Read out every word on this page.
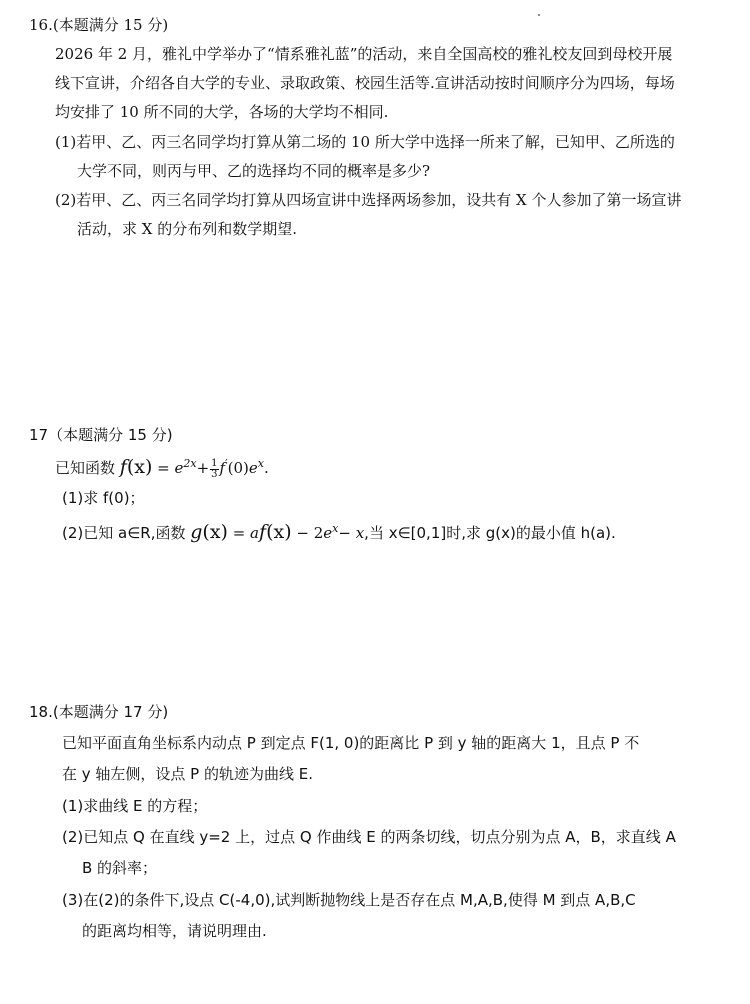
16.(本题满分 15 分)
2026 年 2 月，雅礼中学举办了“情系雅礼蓝”的活动，来自全国高校的雅礼校友回到母校开展
线下宣讲，介绍各自大学的专业、录取政策、校园生活等.宣讲活动按时间顺序分为四场，每场
均安排了 10 所不同的大学，各场的大学均不相同.
(1)若甲、乙、丙三名同学均打算从第二场的 10 所大学中选择一所来了解，已知甲、乙所选的
大学不同，则丙与甲、乙的选择均不同的概率是多少?
(2)若甲、乙、丙三名同学均打算从四场宣讲中选择两场参加，设共有 X 个人参加了第一场宣讲
活动，求 X 的分布列和数学期望.
17（本题满分 15 分)
已知函数 $f(x) = e^{2x}+ \frac{1}{3} f'(0)e^x$.
(1)求 f(0)；
(2)已知 a∈R,函数 $g(x) = af(x) - 2e^x- x$,当 x∈[0,1]时,求 g(x)的最小值 h(a).
18.(本题满分 17 分)
已知平面直角坐标系内动点 P 到定点 F(1, 0)的距离比 P 到 y 轴的距离大 1，且点 P 不
在 y 轴左侧，设点 P 的轨迹为曲线 E.
(1)求曲线 E 的方程；
(2)已知点 Q 在直线 y=2 上，过点 Q 作曲线 E 的两条切线，切点分别为点 A，B，求直线 A
B 的斜率；
(3)在(2)的条件下,设点 C(-4,0),试判断抛物线上是否存在点 M,A,B,使得 M 到点 A,B,C
的距离均相等，请说明理由.
